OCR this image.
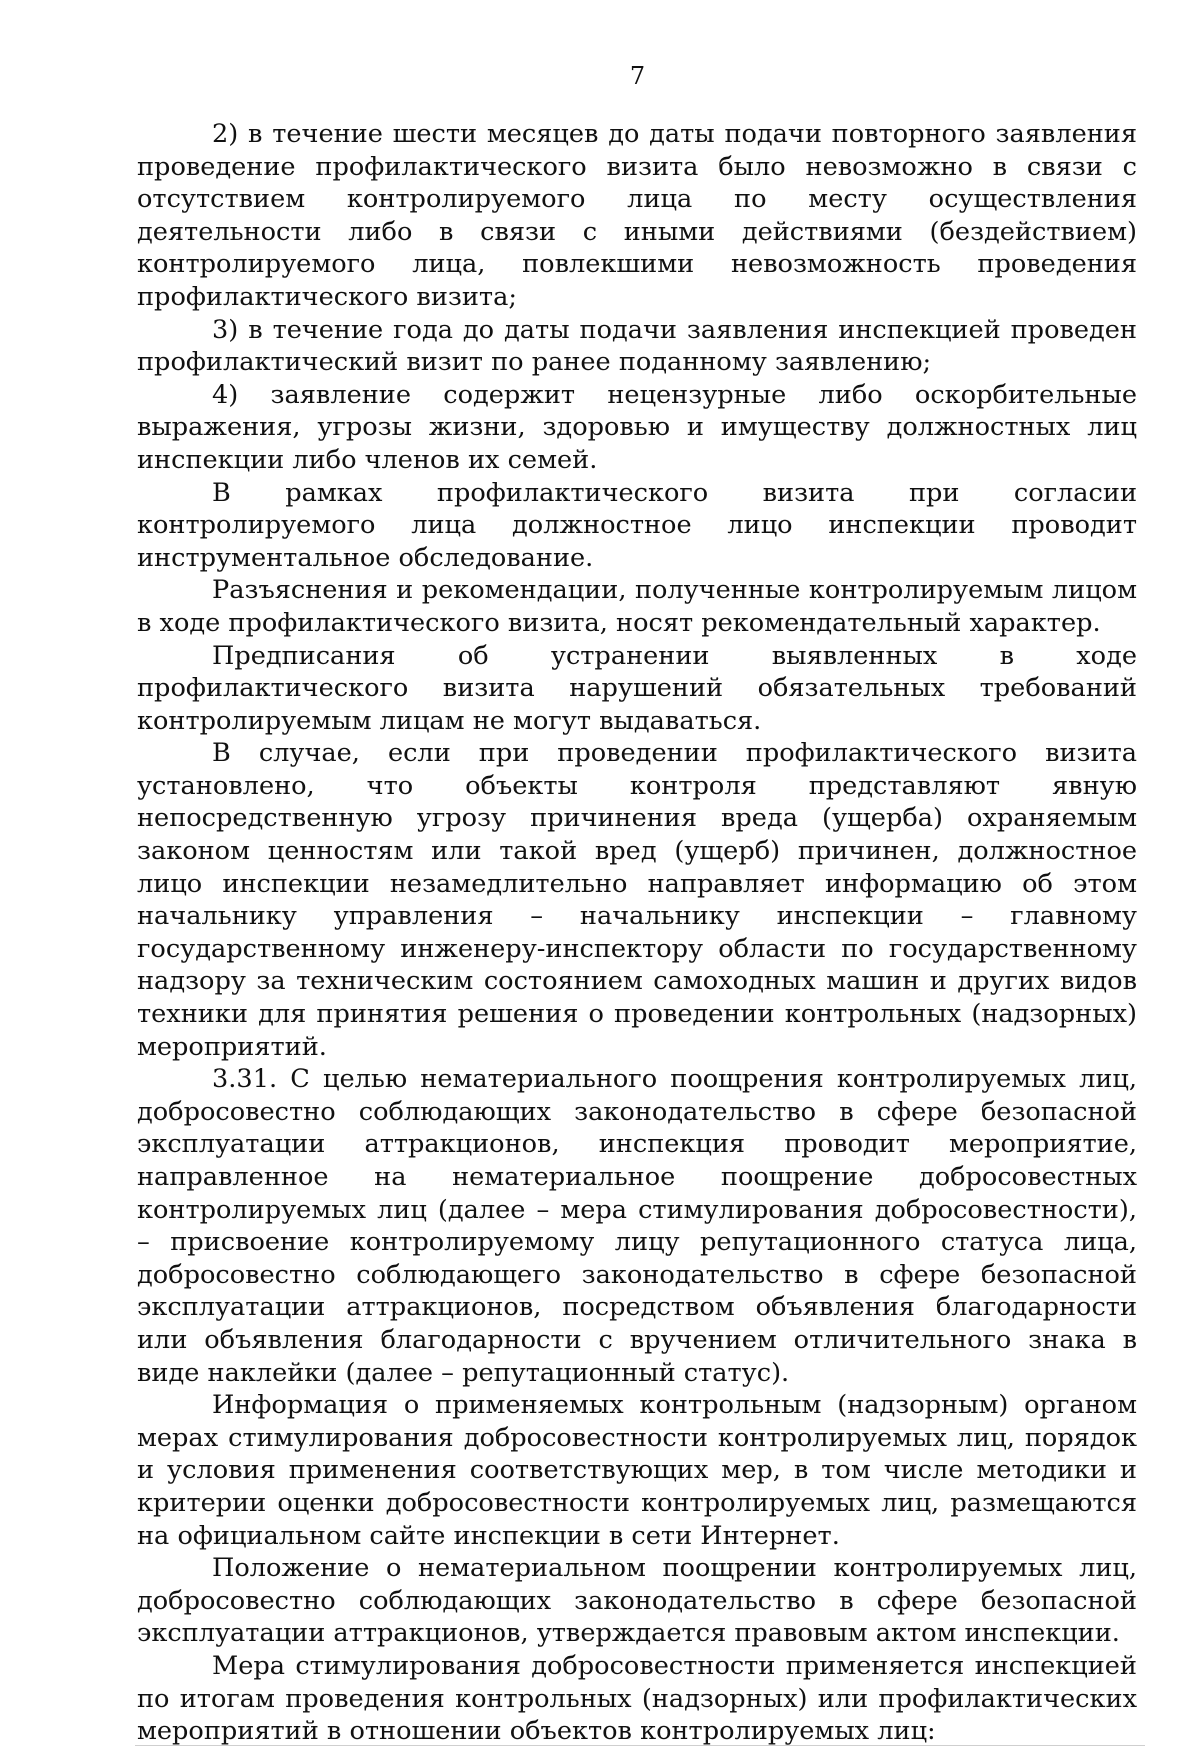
7

2) в течение шести месяцев до даты подачи повторного заявления проведение профилактического визита было невозможно в связи с отсутствием контролируемого лица по месту осуществления деятельности либо в связи с иными действиями (бездействием) контролируемого лица, повлекшими невозможность проведения профилактического визита;

3) в течение года до даты подачи заявления инспекцией проведен профилактический визит по ранее поданному заявлению;

4) заявление содержит нецензурные либо оскорбительные выражения, угрозы жизни, здоровью и имуществу должностных лиц инспекции либо членов их семей.

В рамках профилактического визита при согласии контролируемого лица должностное лицо инспекции проводит инструментальное обследование.

Разъяснения и рекомендации, полученные контролируемым лицом в ходе профилактического визита, носят рекомендательный характер.

Предписания об устранении выявленных в ходе профилактического визита нарушений обязательных требований контролируемым лицам не могут выдаваться.

В случае, если при проведении профилактического визита установлено, что объекты контроля представляют явную непосредственную угрозу причинения вреда (ущерба) охраняемым законом ценностям или такой вред (ущерб) причинен, должностное лицо инспекции незамедлительно направляет информацию об этом начальнику управления – начальнику инспекции – главному государственному инженеру-инспектору области по государственному надзору за техническим состоянием самоходных машин и других видов техники для принятия решения о проведении контрольных (надзорных) мероприятий.

3.31. С целью нематериального поощрения контролируемых лиц, добросовестно соблюдающих законодательство в сфере безопасной эксплуатации аттракционов, инспекция проводит мероприятие, направленное на нематериальное поощрение добросовестных контролируемых лиц (далее – мера стимулирования добросовестности), – присвоение контролируемому лицу репутационного статуса лица, добросовестно соблюдающего законодательство в сфере безопасной эксплуатации аттракционов, посредством объявления благодарности или объявления благодарности с вручением отличительного знака в виде наклейки (далее – репутационный статус).

Информация о применяемых контрольным (надзорным) органом мерах стимулирования добросовестности контролируемых лиц, порядок и условия применения соответствующих мер, в том числе методики и критерии оценки добросовестности контролируемых лиц, размещаются на официальном сайте инспекции в сети Интернет.

Положение о нематериальном поощрении контролируемых лиц, добросовестно соблюдающих законодательство в сфере безопасной эксплуатации аттракционов, утверждается правовым актом инспекции.

Мера стимулирования добросовестности применяется инспекцией по итогам проведения контрольных (надзорных) или профилактических мероприятий в отношении объектов контролируемых лиц:
